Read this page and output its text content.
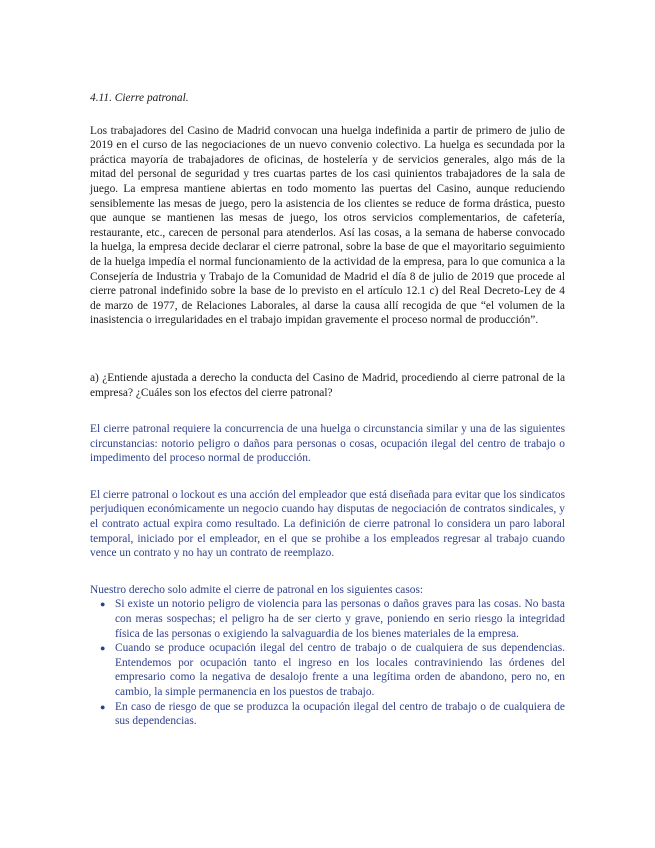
4.11. Cierre patronal.

Los trabajadores del Casino de Madrid convocan una huelga indefinida a partir de primero de julio de 2019 en el curso de las negociaciones de un nuevo convenio colectivo. La huelga es secundada por la práctica mayoría de trabajadores de oficinas, de hostelería y de servicios generales, algo más de la mitad del personal de seguridad y tres cuartas partes de los casi quinientos trabajadores de la sala de juego. La empresa mantiene abiertas en todo momento las puertas del Casino, aunque reduciendo sensiblemente las mesas de juego, pero la asistencia de los clientes se reduce de forma drástica, puesto que aunque se mantienen las mesas de juego, los otros servicios complementarios, de cafetería, restaurante, etc., carecen de personal para atenderlos. Así las cosas, a la semana de haberse convocado la huelga, la empresa decide declarar el cierre patronal, sobre la base de que el mayoritario seguimiento de la huelga impedía el normal funcionamiento de la actividad de la empresa, para lo que comunica a la Consejería de Industria y Trabajo de la Comunidad de Madrid el día 8 de julio de 2019 que procede al cierre patronal indefinido sobre la base de lo previsto en el artículo 12.1 c) del Real Decreto-Ley de 4 de marzo de 1977, de Relaciones Laborales, al darse la causa allí recogida de que “el volumen de la inasistencia o irregularidades en el trabajo impidan gravemente el proceso normal de producción”.

a) ¿Entiende ajustada a derecho la conducta del Casino de Madrid, procediendo al cierre patronal de la empresa? ¿Cuáles son los efectos del cierre patronal?

El cierre patronal requiere la concurrencia de una huelga o circunstancia similar y una de las siguientes circunstancias: notorio peligro o daños para personas o cosas, ocupación ilegal del centro de trabajo o impedimento del proceso normal de producción.

El cierre patronal o lockout es una acción del empleador que está diseñada para evitar que los sindicatos perjudiquen económicamente un negocio cuando hay disputas de negociación de contratos sindicales, y el contrato actual expira como resultado. La definición de cierre patronal lo considera un paro laboral temporal, iniciado por el empleador, en el que se prohibe a los empleados regresar al trabajo cuando vence un contrato y no hay un contrato de reemplazo.

Nuestro derecho solo admite el cierre de patronal en los siguientes casos:

● Si existe un notorio peligro de violencia para las personas o daños graves para las cosas. No basta con meras sospechas; el peligro ha de ser cierto y grave, poniendo en serio riesgo la integridad física de las personas o exigiendo la salvaguardia de los bienes materiales de la empresa.
● Cuando se produce ocupación ilegal del centro de trabajo o de cualquiera de sus dependencias. Entendemos por ocupación tanto el ingreso en los locales contraviniendo las órdenes del empresario como la negativa de desalojo frente a una legítima orden de abandono, pero no, en cambio, la simple permanencia en los puestos de trabajo.
● En caso de riesgo de que se produzca la ocupación ilegal del centro de trabajo o de cualquiera de sus dependencias.
